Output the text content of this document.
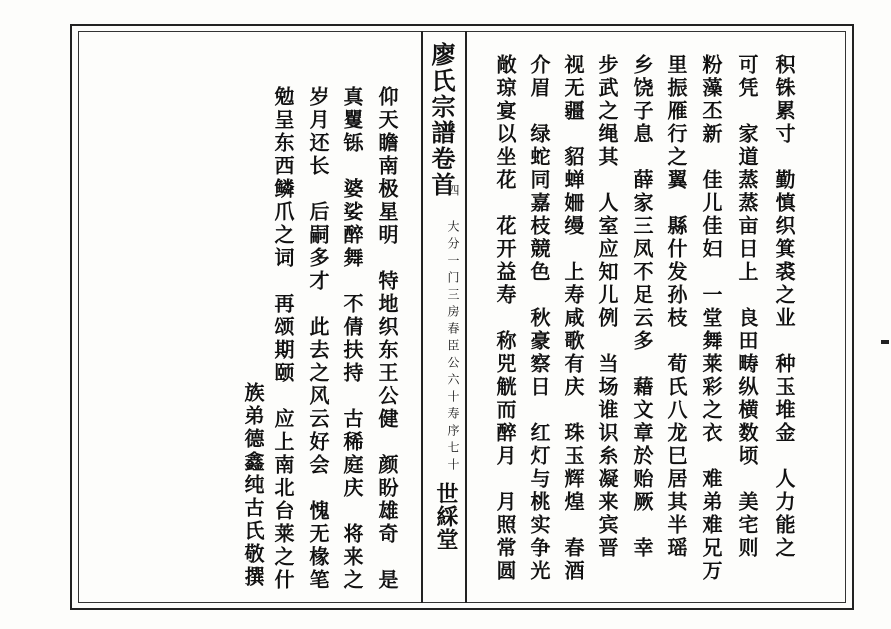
积铢累寸　勤慎织箕裘之业　种玉堆金　人力能之
可凭　家道蒸蒸亩日上　良田畴纵横数顷　美宅则
粉藻丕新　佳儿佳妇　一堂舞莱彩之衣　难弟难兄万
里振雁行之翼　縣什发孙枝　荀氏八龙巳居其半瑶
乡饶子息　薛家三凤不足云多　藉文章於贻厥　幸
步武之绳其　人室应知儿例　当场谁识糸凝来宾晋
视无疆　貂蝉姍缦　上寿咸歌有庆　珠玉辉煌　春酒
介眉　绿蛇同嘉枝競色　秋豪察日　红灯与桃实争光
敞琼宴以坐花　花开益寿　称兕觥而醉月　月照常圆
廖氏宗譜卷首
四 大分一门三房春臣公六十寿序七十
世綵堂
仰天瞻南极星明　特地织东王公健　颜盼雄奇　是
真矍铄　婆娑醉舞　不倩扶持　古稀庭庆　将来之
岁月还长　后嗣多才　此去之风云好会　愧无椽笔
勉呈东西鳞爪之词　再颂期颐　应上南北台莱之什
族弟德鑫纯古氏敬撰
